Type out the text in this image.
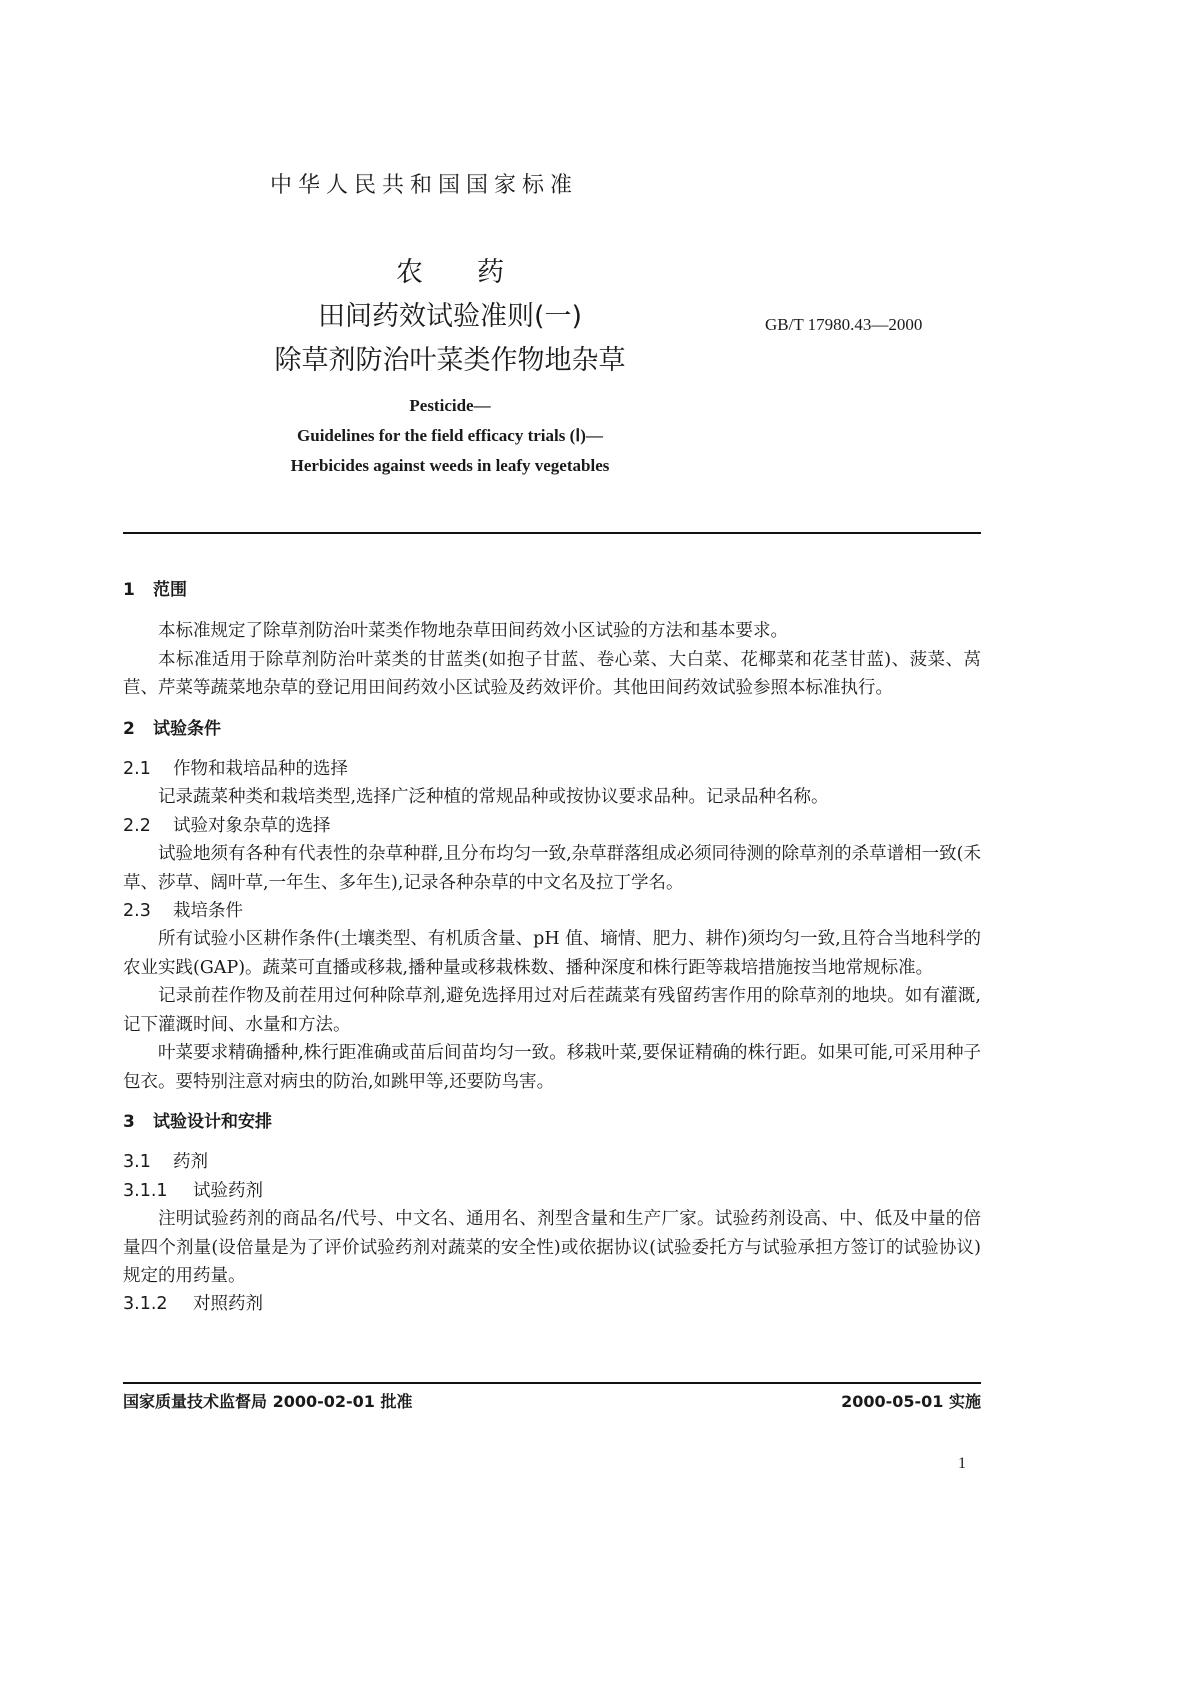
中华人民共和国国家标准
农　　药
田间药效试验准则(一)
除草剂防治叶菜类作物地杂草
GB/T 17980.43—2000
Pesticide—
Guidelines for the field efficacy trials (Ⅰ)—
Herbicides against weeds in leafy vegetables
1 范围

本标准规定了除草剂防治叶菜类作物地杂草田间药效小区试验的方法和基本要求。

本标准适用于除草剂防治叶菜类的甘蓝类(如抱子甘蓝、卷心菜、大白菜、花椰菜和花茎甘蓝)、菠菜、莴苣、芹菜等蔬菜地杂草的登记用田间药效小区试验及药效评价。其他田间药效试验参照本标准执行。

2 试验条件
2.1 作物和栽培品种的选择

记录蔬菜种类和栽培类型,选择广泛种植的常规品种或按协议要求品种。记录品种名称。

2.2 试验对象杂草的选择

试验地须有各种有代表性的杂草种群,且分布均匀一致,杂草群落组成必须同待测的除草剂的杀草谱相一致(禾草、莎草、阔叶草,一年生、多年生),记录各种杂草的中文名及拉丁学名。

2.3 栽培条件

所有试验小区耕作条件(土壤类型、有机质含量、pH 值、墒情、肥力、耕作)须均匀一致,且符合当地科学的农业实践(GAP)。蔬菜可直播或移栽,播种量或移栽株数、播种深度和株行距等栽培措施按当地常规标准。

记录前茬作物及前茬用过何种除草剂,避免选择用过对后茬蔬菜有残留药害作用的除草剂的地块。如有灌溉,记下灌溉时间、水量和方法。

叶菜要求精确播种,株行距准确或苗后间苗均匀一致。移栽叶菜,要保证精确的株行距。如果可能,可采用种子包衣。要特别注意对病虫的防治,如跳甲等,还要防鸟害。

3 试验设计和安排
3.1 药剂
3.1.1 试验药剂

注明试验药剂的商品名/代号、中文名、通用名、剂型含量和生产厂家。试验药剂设高、中、低及中量的倍量四个剂量(设倍量是为了评价试验药剂对蔬菜的安全性)或依据协议(试验委托方与试验承担方签订的试验协议)规定的用药量。

3.1.2 对照药剂
国家质量技术监督局 2000-02-01 批准	2000-05-01 实施
1
